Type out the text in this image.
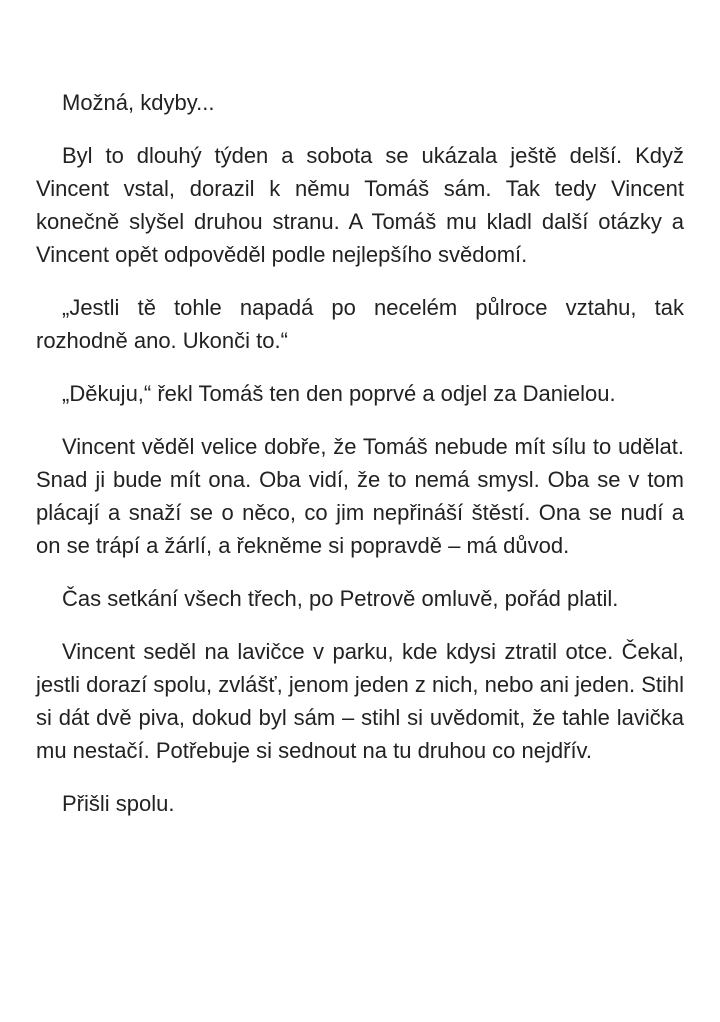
Možná, kdyby...

Byl to dlouhý týden a sobota se ukázala ještě delší. Když Vincent vstal, dorazil k němu Tomáš sám. Tak tedy Vincent konečně slyšel druhou stranu. A Tomáš mu kladl další otázky a Vincent opět odpověděl podle nejlepšího svědomí.

„Jestli tě tohle napadá po necelém půlroce vztahu, tak rozhodně ano. Ukonči to.“

„Děkuju,“ řekl Tomáš ten den poprvé a odjel za Danielou.

Vincent věděl velice dobře, že Tomáš nebude mít sílu to udělat. Snad ji bude mít ona. Oba vidí, že to nemá smysl. Oba se v tom plácají a snaží se o něco, co jim nepřináší štěstí. Ona se nudí a on se trápí a žárlí, a řekněme si popravdě – má důvod.

Čas setkání všech třech, po Petrově omluvě, pořád platil.

Vincent seděl na lavičce v parku, kde kdysi ztratil otce. Čekal, jestli dorazí spolu, zvlášť, jenom jeden z nich, nebo ani jeden. Stihl si dát dvě piva, dokud byl sám – stihl si uvědomit, že tahle lavička mu nestačí. Potřebuje si sednout na tu druhou co nejdřív.

Přišli spolu.
